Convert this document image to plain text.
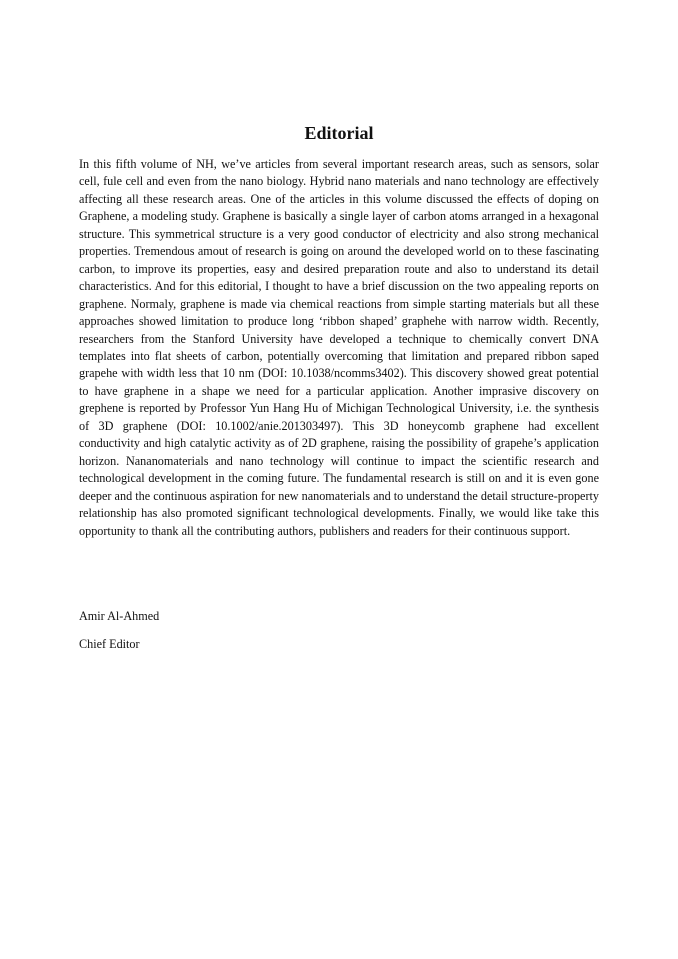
Editorial

In this fifth volume of NH, we’ve articles from several important research areas, such as sensors, solar cell, fule cell and even from the nano biology. Hybrid nano materials and nano technology are effectively affecting all these research areas. One of the articles in this volume discussed the effects of doping on Graphene, a modeling study. Graphene is basically a single layer of carbon atoms arranged in a hexagonal structure. This symmetrical structure is a very good conductor of electricity and also strong mechanical properties. Tremendous amout of research is going on around the developed world on to these fascinating carbon, to improve its properties, easy and desired preparation route and also to understand its detail characteristics. And for this editorial, I thought to have a brief discussion on the two appealing reports on graphene. Normaly, graphene is made via chemical reactions from simple starting materials but all these approaches showed limitation to produce long ‘ribbon shaped’ graphehe with narrow width. Recently, researchers from the Stanford University have developed a technique to chemically convert DNA templates into flat sheets of carbon, potentially overcoming that limitation and prepared ribbon saped grapehe with width less that 10 nm (DOI: 10.1038/ncomms3402). This discovery showed great potential to have graphene in a shape we need for a particular application. Another imprasive discovery on grephene is reported by Professor Yun Hang Hu of Michigan Technological University, i.e. the synthesis of 3D graphene (DOI: 10.1002/anie.201303497). This 3D honeycomb graphene had excellent conductivity and high catalytic activity as of 2D graphene, raising the possibility of grapehe’s application horizon. Nananomaterials and nano technology will continue to impact the scientific research and technological development in the coming future. The fundamental research is still on and it is even gone deeper and the continuous aspiration for new nanomaterials and to understand the detail structure-property relationship has also promoted significant technological developments. Finally, we would like take this opportunity to thank all the contributing authors, publishers and readers for their continuous support.

Amir Al-Ahmed

Chief Editor
